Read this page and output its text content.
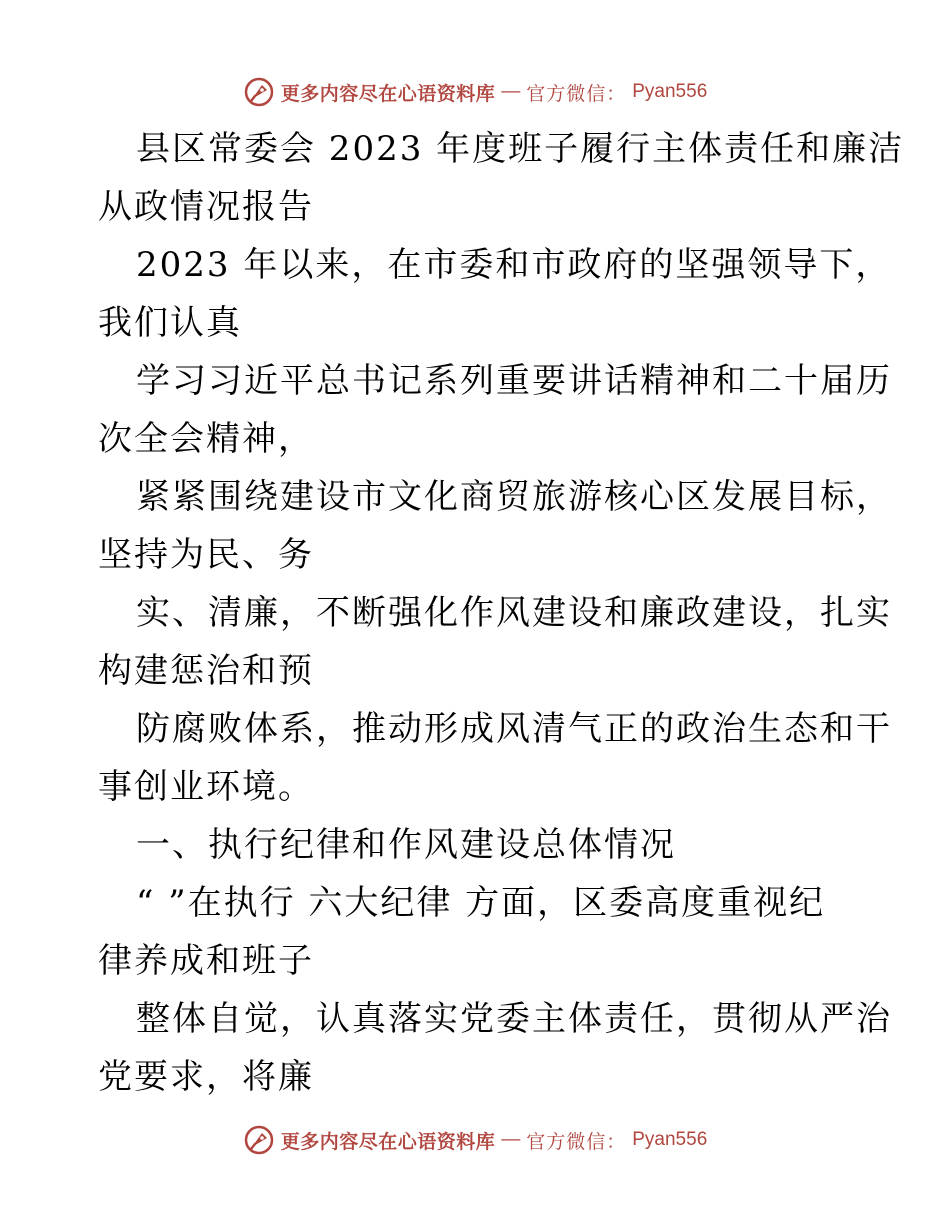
更多内容尽在心语资料库 — 官方微信： Pyan556
县区常委会 2023 年度班子履行主体责任和廉洁
从政情况报告
2023 年以来，在市委和市政府的坚强领导下，
我们认真
学习习近平总书记系列重要讲话精神和二十届历
次全会精神，
紧紧围绕建设市文化商贸旅游核心区发展目标，
坚持为民、务
实、清廉，不断强化作风建设和廉政建设，扎实
构建惩治和预
防腐败体系，推动形成风清气正的政治生态和干
事创业环境。
一、执行纪律和作风建设总体情况
“ ”在执行 六大纪律 方面，区委高度重视纪
律养成和班子
整体自觉，认真落实党委主体责任，贯彻从严治
党要求，将廉
更多内容尽在心语资料库 — 官方微信： Pyan556
